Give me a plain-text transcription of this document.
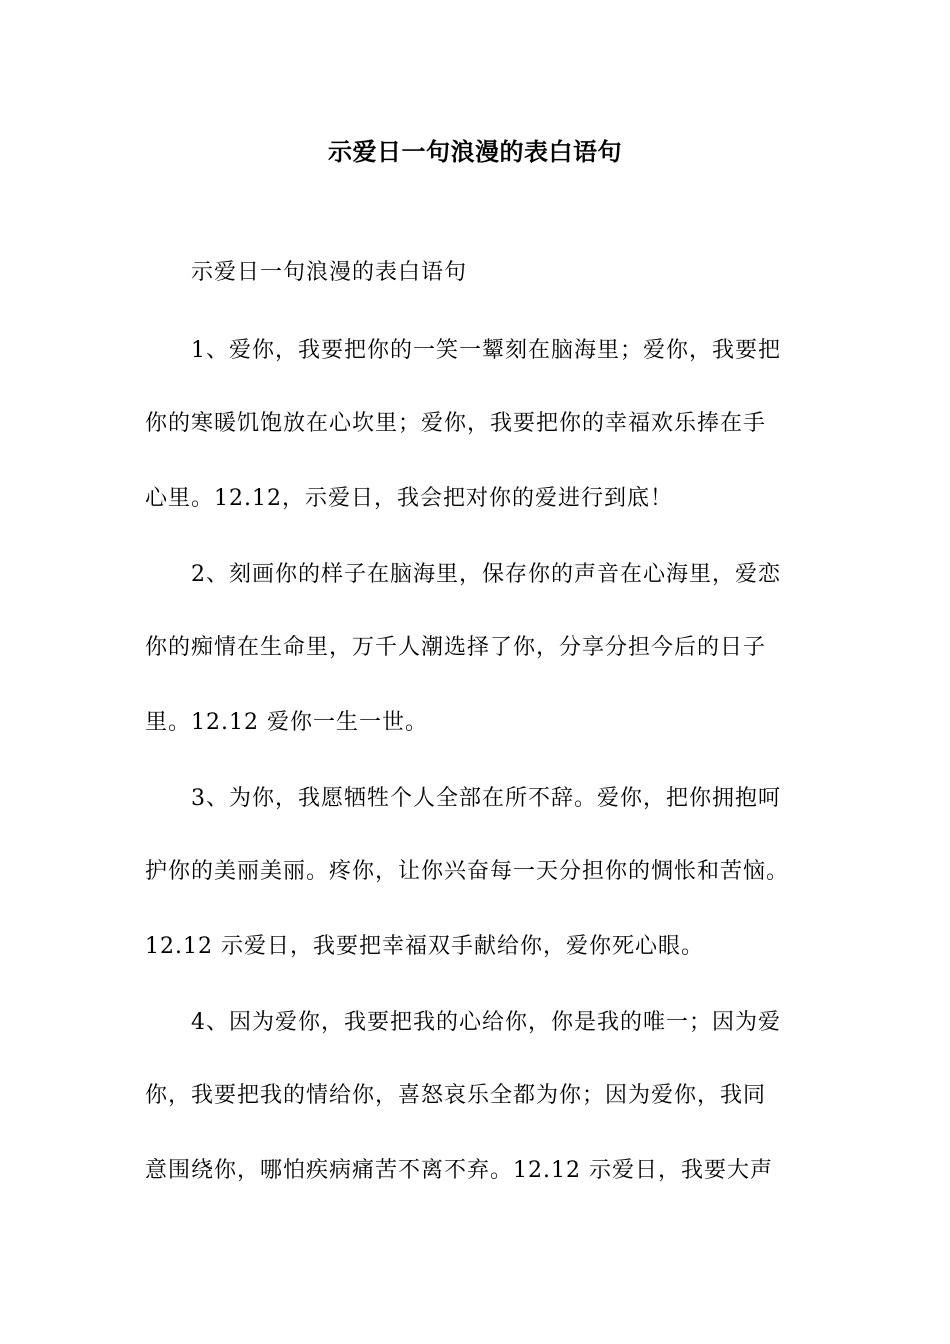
示爱日一句浪漫的表白语句
　　示爱日一句浪漫的表白语句
　　1、爱你，我要把你的一笑一颦刻在脑海里；爱你，我要把
你的寒暖饥饱放在心坎里；爱你，我要把你的幸福欢乐捧在手
心里。12.12，示爱日，我会把对你的爱进行到底！
　　2、刻画你的样子在脑海里，保存你的声音在心海里，爱恋
你的痴情在生命里，万千人潮选择了你，分享分担今后的日子
里。12.12 爱你一生一世。
　　3、为你，我愿牺牲个人全部在所不辞。爱你，把你拥抱呵
护你的美丽美丽。疼你，让你兴奋每一天分担你的惆怅和苦恼。
12.12 示爱日，我要把幸福双手献给你，爱你死心眼。
　　4、因为爱你，我要把我的心给你，你是我的唯一；因为爱
你，我要把我的情给你，喜怒哀乐全都为你；因为爱你，我同
意围绕你，哪怕疾病痛苦不离不弃。12.12 示爱日，我要大声
